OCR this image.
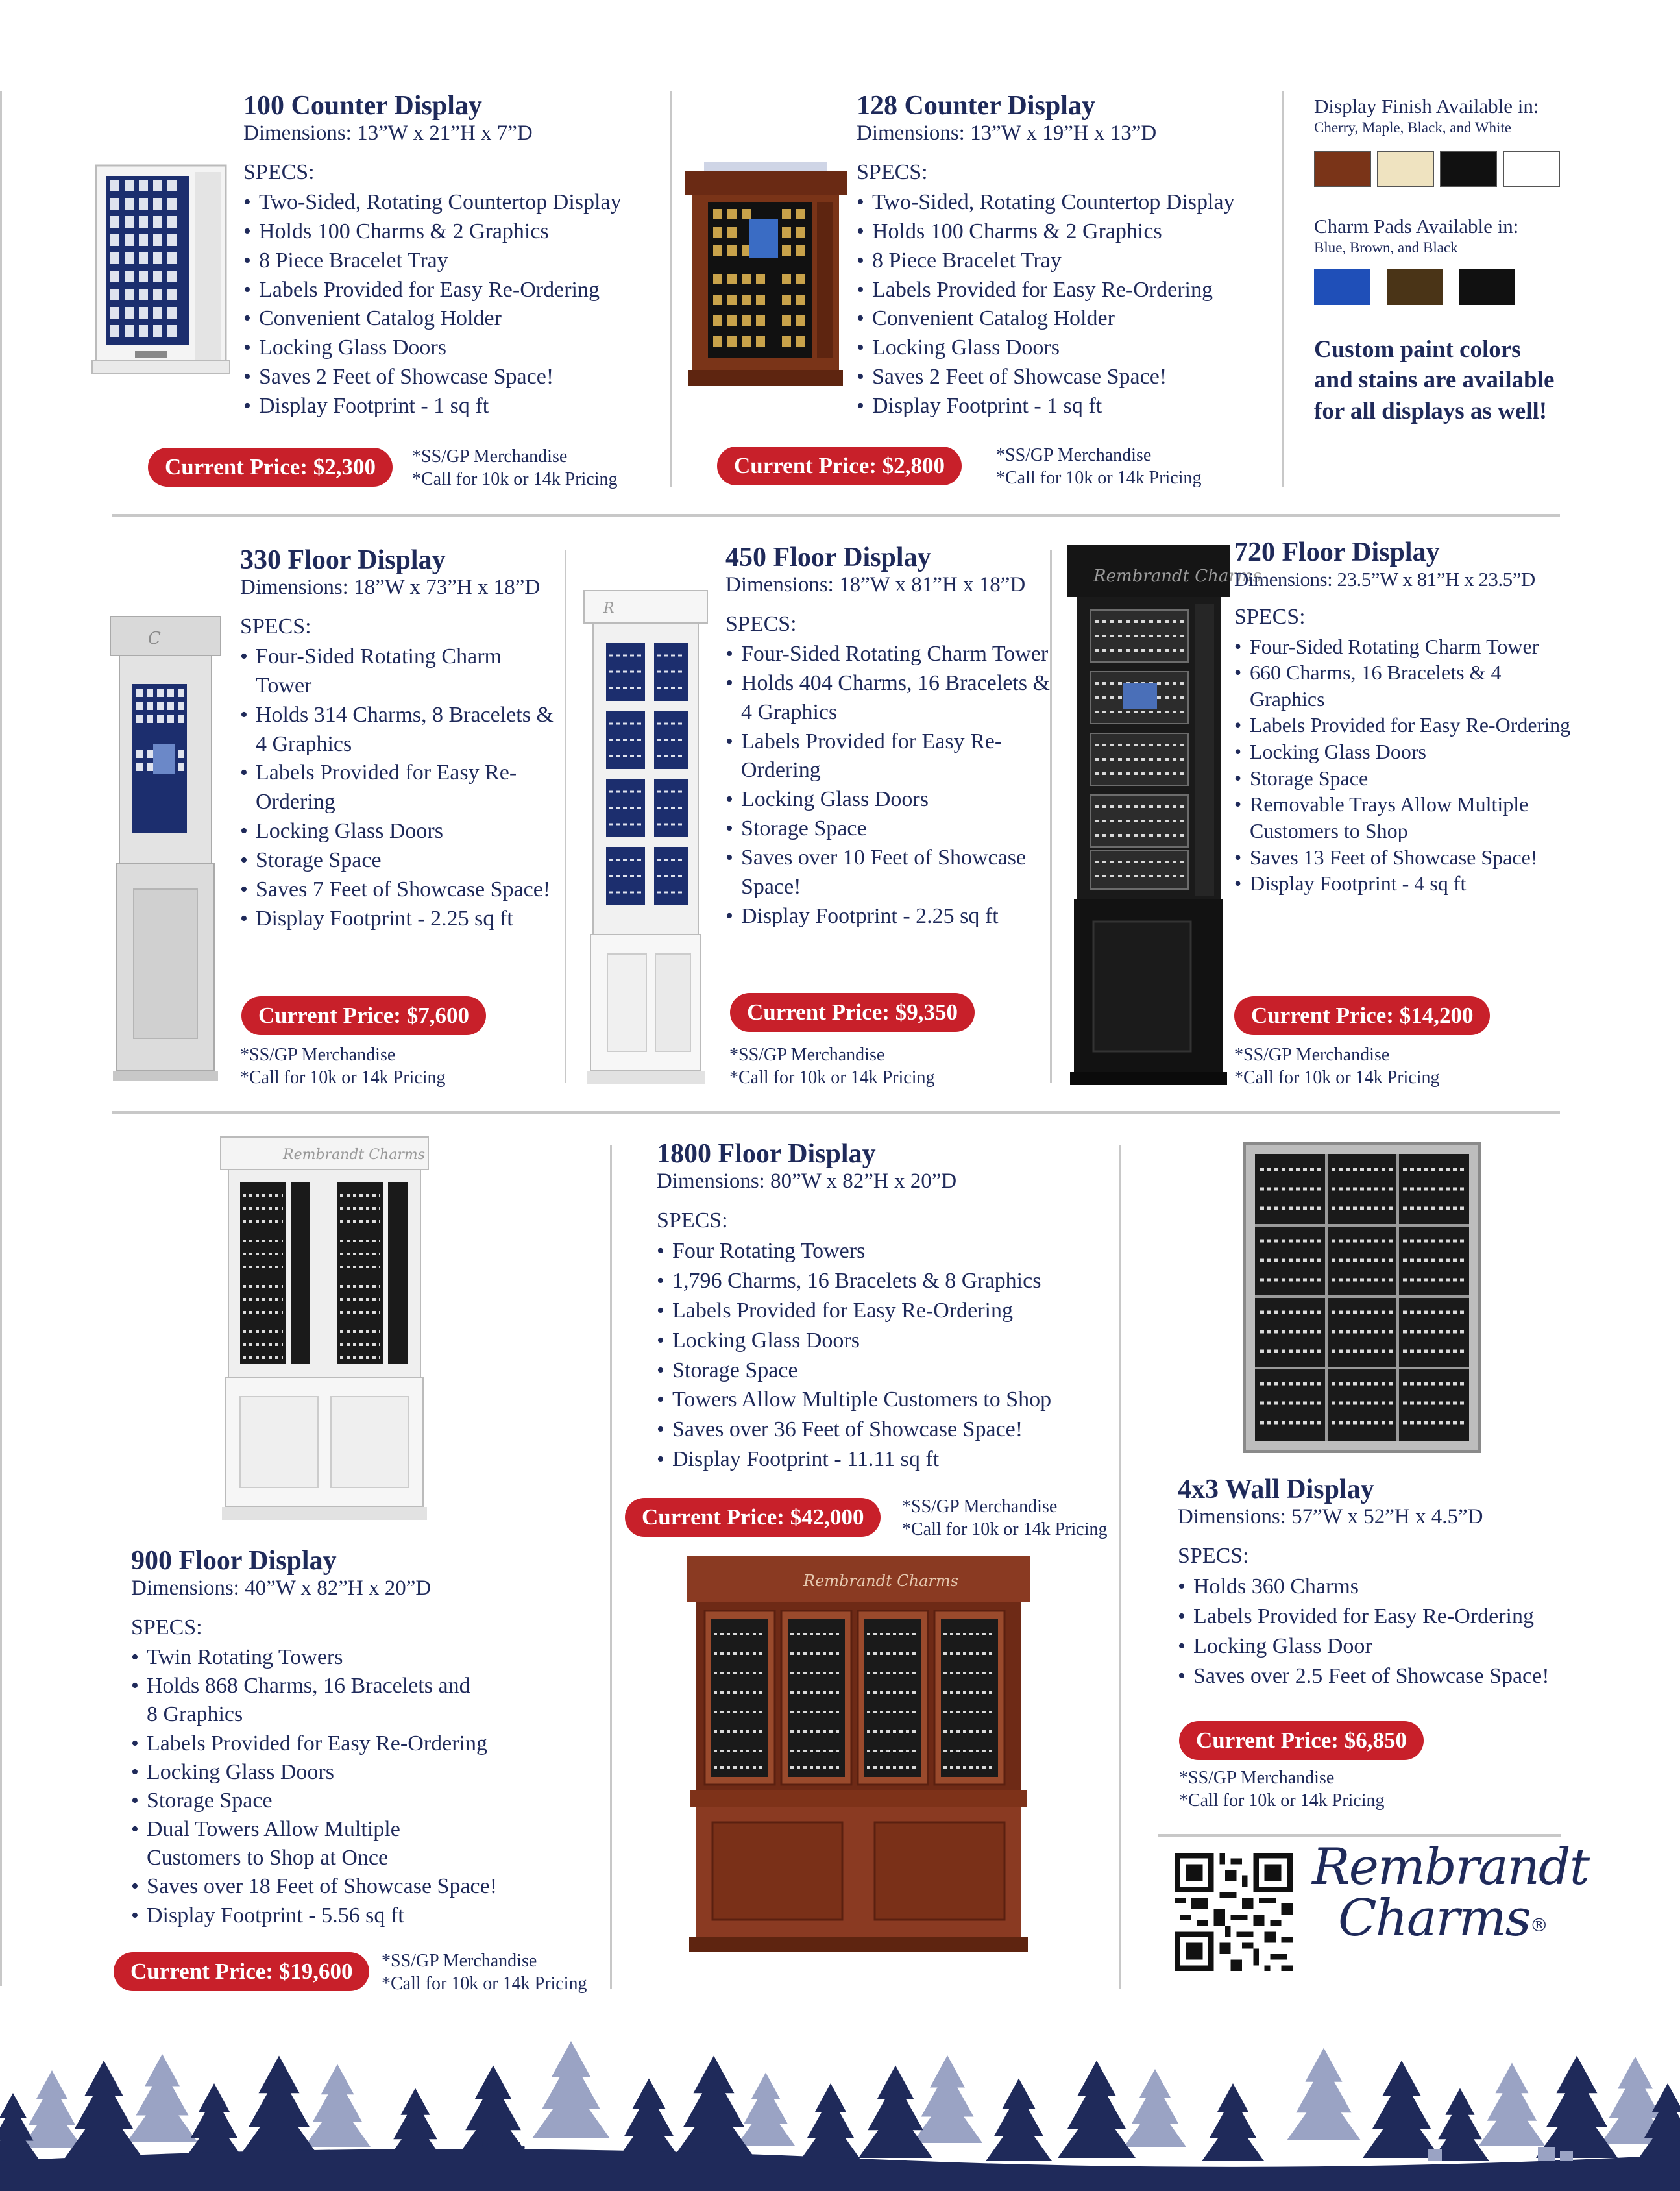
100 Counter Display
Dimensions: 13”W x 21”H x 7”D
SPECS:
• Two-Sided, Rotating Countertop Display
• Holds 100 Charms & 2 Graphics
• 8 Piece Bracelet Tray
• Labels Provided for Easy Re-Ordering
• Convenient Catalog Holder
• Locking Glass Doors
• Saves 2 Feet of Showcase Space!
• Display Footprint - 1 sq ft
Current Price: $2,300	*SS/GP Merchandise
*Call for 10k or 14k Pricing
128 Counter Display
Dimensions: 13”W x 19”H x 13”D
SPECS:
• Two-Sided, Rotating Countertop Display
• Holds 100 Charms & 2 Graphics
• 8 Piece Bracelet Tray
• Labels Provided for Easy Re-Ordering
• Convenient Catalog Holder
• Locking Glass Doors
• Saves 2 Feet of Showcase Space!
• Display Footprint - 1 sq ft
Current Price: $2,800	*SS/GP Merchandise
*Call for 10k or 14k Pricing
Display Finish Available in:
Cherry, Maple, Black, and White
Charm Pads Available in:
Blue, Brown, and Black
Custom paint colors
and stains are available
for all displays as well!
C
330 Floor Display
Dimensions: 18”W x 73”H x 18”D
SPECS:
• Four-Sided Rotating Charm Tower
• Holds 314 Charms, 8 Bracelets & 4 Graphics
• Labels Provided for Easy Re-Ordering
• Locking Glass Doors
• Storage Space
• Saves 7 Feet of Showcase Space!
• Display Footprint - 2.25 sq ft
Current Price: $7,600
*SS/GP Merchandise
*Call for 10k or 14k Pricing
R
450 Floor Display
Dimensions: 18”W x 81”H x 18”D
SPECS:
• Four-Sided Rotating Charm Tower
• Holds 404 Charms, 16 Bracelets & 4 Graphics
• Labels Provided for Easy Re-Ordering
• Locking Glass Doors
• Storage Space
• Saves over 10 Feet of Showcase Space!
• Display Footprint - 2.25 sq ft
Current Price: $9,350
*SS/GP Merchandise
*Call for 10k or 14k Pricing
Rembrandt Charms
720 Floor Display
Dimensions: 23.5”W x 81”H x 23.5”D
SPECS:
• Four-Sided Rotating Charm Tower
• 660 Charms, 16 Bracelets & 4 Graphics
• Labels Provided for Easy Re-Ordering
• Locking Glass Doors
• Storage Space
• Removable Trays Allow Multiple Customers to Shop
• Saves 13 Feet of Showcase Space!
• Display Footprint - 4 sq ft
Current Price: $14,200
*SS/GP Merchandise
*Call for 10k or 14k Pricing
Rembrandt Charms
900 Floor Display
Dimensions: 40”W x 82”H x 20”D
SPECS:
• Twin Rotating Towers
• Holds 868 Charms, 16 Bracelets and 8 Graphics
• Labels Provided for Easy Re-Ordering
• Locking Glass Doors
• Storage Space
• Dual Towers Allow Multiple Customers to Shop at Once
• Saves over 18 Feet of Showcase Space!
• Display Footprint - 5.56 sq ft
Current Price: $19,600	*SS/GP Merchandise
*Call for 10k or 14k Pricing
1800 Floor Display
Dimensions: 80”W x 82”H x 20”D
SPECS:
• Four Rotating Towers
• 1,796 Charms, 16 Bracelets & 8 Graphics
• Labels Provided for Easy Re-Ordering
• Locking Glass Doors
• Storage Space
• Towers Allow Multiple Customers to Shop
• Saves over 36 Feet of Showcase Space!
• Display Footprint - 11.11 sq ft
Current Price: $42,000	*SS/GP Merchandise
*Call for 10k or 14k Pricing
Rembrandt Charms
4x3 Wall Display
Dimensions: 57”W x 52”H x 4.5”D
SPECS:
• Holds 360 Charms
• Labels Provided for Easy Re-Ordering
• Locking Glass Door
• Saves over 2.5 Feet of Showcase Space!
Current Price: $6,850
*SS/GP Merchandise
*Call for 10k or 14k Pricing
Rembrandt
Charms®
